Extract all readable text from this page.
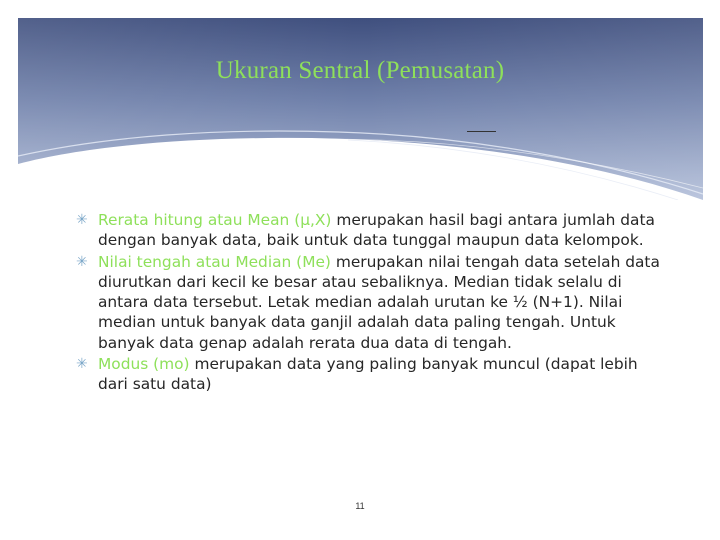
Ukuran Sentral (Pemusatan)
✳ Rerata hitung atau Mean (μ,X) merupakan hasil bagi antara jumlah data dengan banyak data, baik untuk data tunggal maupun data kelompok.
✳ Nilai tengah atau Median (Me) merupakan nilai tengah data setelah data diurutkan dari kecil ke besar atau sebaliknya. Median tidak selalu di antara data tersebut. Letak median adalah urutan ke ½ (N+1). Nilai median untuk banyak data ganjil adalah data paling tengah. Untuk banyak data genap adalah rerata dua data di tengah.
✳ Modus (mo) merupakan data yang paling banyak muncul (dapat lebih dari satu data)
11
